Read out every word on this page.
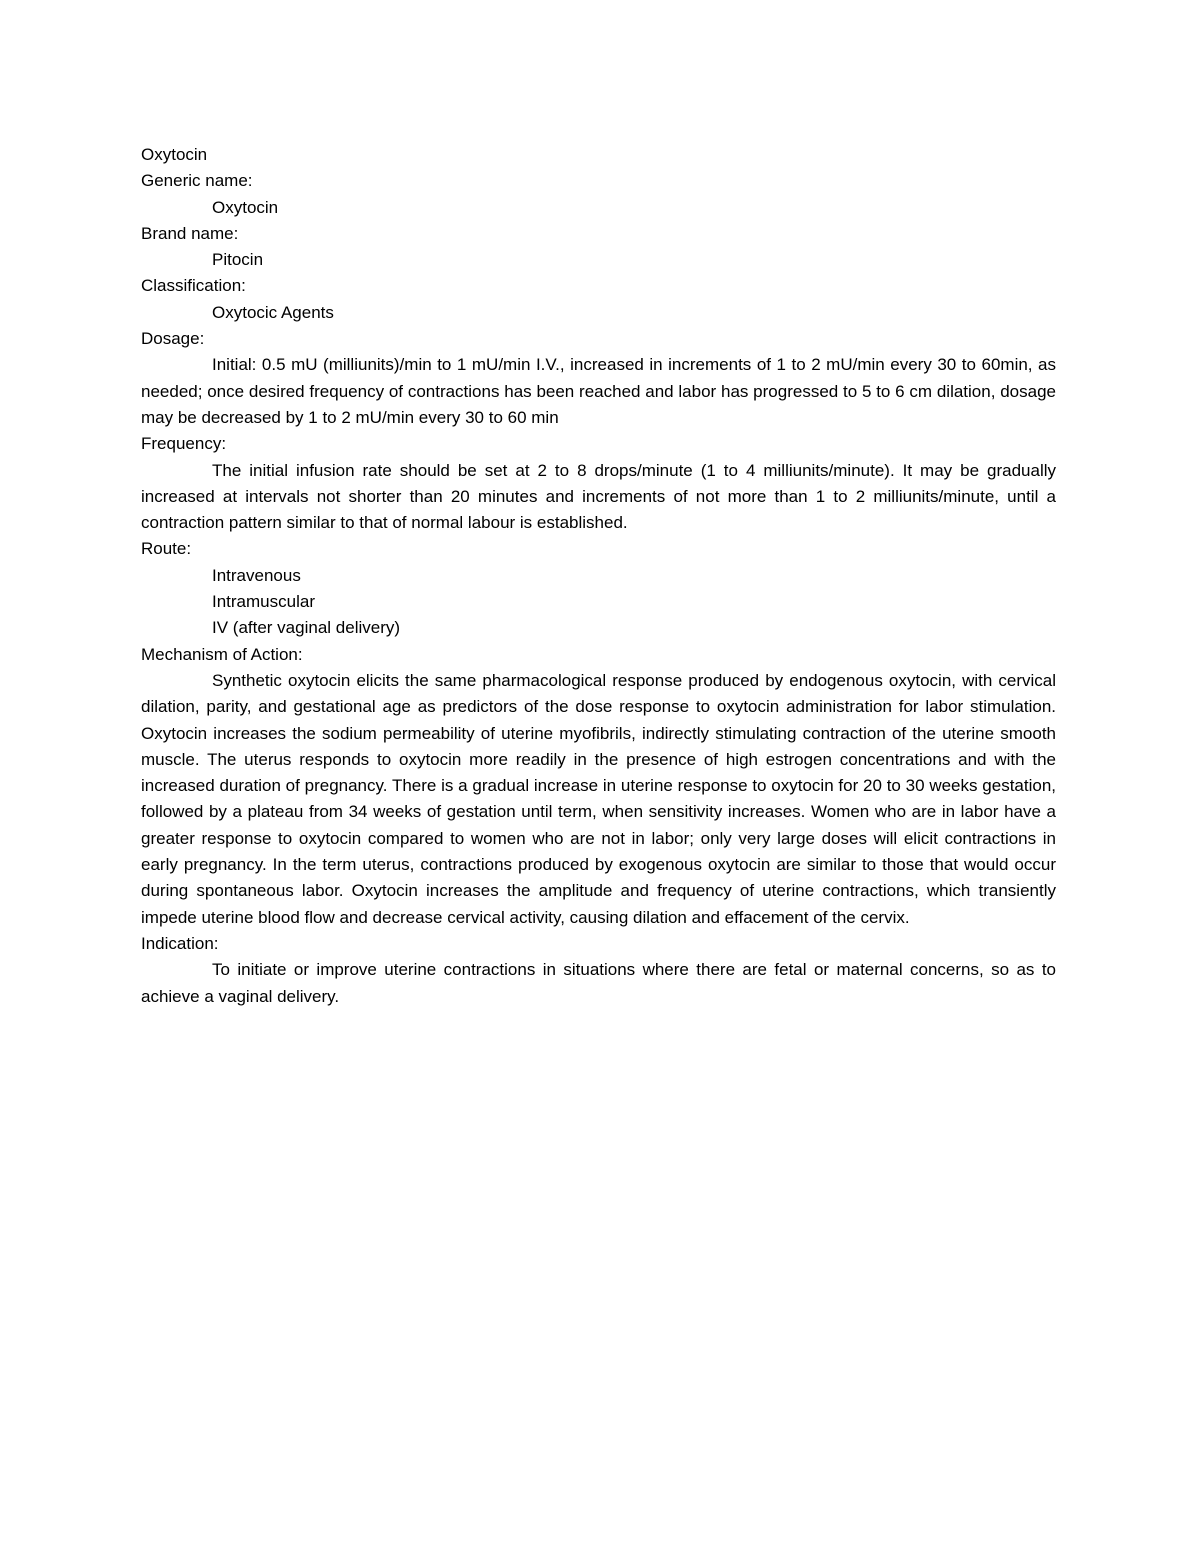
Oxytocin

Generic name:

Oxytocin

Brand name:

Pitocin

Classification:

Oxytocic Agents

Dosage:

Initial: 0.5 mU (milliunits)/min to 1 mU/min I.V., increased in increments of 1 to 2 mU/min every 30 to 60min, as needed; once desired frequency of contractions has been reached and labor has progressed to 5 to 6 cm dilation, dosage may be decreased by 1 to 2 mU/min every 30 to 60 min

Frequency:

The initial infusion rate should be set at 2 to 8 drops/minute (1 to 4 milliunits/minute). It may be gradually increased at intervals not shorter than 20 minutes and increments of not more than 1 to 2 milliunits/minute, until a contraction pattern similar to that of normal labour is established.

Route:

Intravenous

Intramuscular

IV (after vaginal delivery)

Mechanism of Action:

Synthetic oxytocin elicits the same pharmacological response produced by endogenous oxytocin, with cervical dilation, parity, and gestational age as predictors of the dose response to oxytocin administration for labor stimulation. Oxytocin increases the sodium permeability of uterine myofibrils, indirectly stimulating contraction of the uterine smooth muscle. The uterus responds to oxytocin more readily in the presence of high estrogen concentrations and with the increased duration of pregnancy. There is a gradual increase in uterine response to oxytocin for 20 to 30 weeks gestation, followed by a plateau from 34 weeks of gestation until term, when sensitivity increases. Women who are in labor have a greater response to oxytocin compared to women who are not in labor; only very large doses will elicit contractions in early pregnancy. In the term uterus, contractions produced by exogenous oxytocin are similar to those that would occur during spontaneous labor. Oxytocin increases the amplitude and frequency of uterine contractions, which transiently impede uterine blood flow and decrease cervical activity, causing dilation and effacement of the cervix.

Indication:

To initiate or improve uterine contractions in situations where there are fetal or maternal concerns, so as to achieve a vaginal delivery.
